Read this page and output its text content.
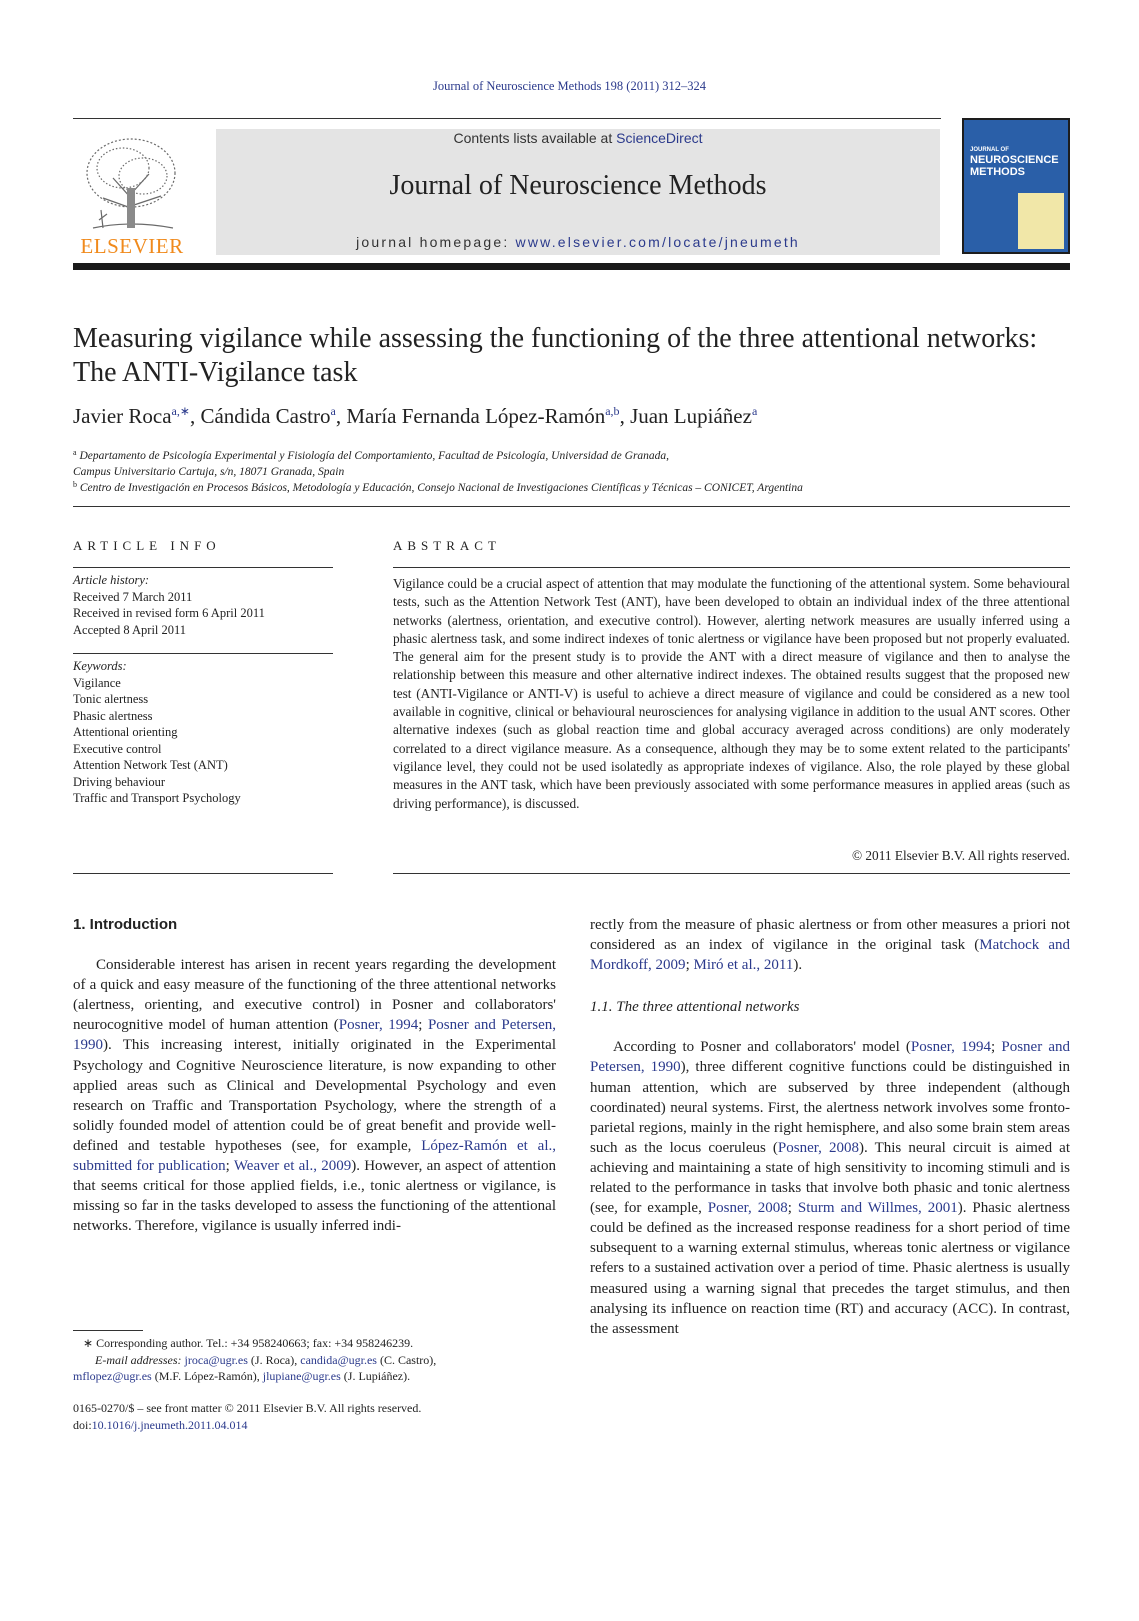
Journal of Neuroscience Methods 198 (2011) 312–324
ELSEVIER
Contents lists available at ScienceDirect
Journal of Neuroscience Methods
journal homepage: www.elsevier.com/locate/jneumeth
JOURNAL OF
NEUROSCIENCE
METHODS
Measuring vigilance while assessing the functioning of the three attentional networks: The ANTI-Vigilance task
Javier Roca$^{a,∗}$, Cándida Castro$^a$, María Fernanda López-Ramón$^{a,b}$, Juan Lupiáñez$^a$
$^a$ Departamento de Psicología Experimental y Fisiología del Comportamiento, Facultad de Psicología, Universidad de Granada,
Campus Universitario Cartuja, s/n, 18071 Granada, Spain
$^b$ Centro de Investigación en Procesos Básicos, Metodología y Educación, Consejo Nacional de Investigaciones Científicas y Técnicas – CONICET, Argentina
ARTICLE INFO
Article history:
Received 7 March 2011
Received in revised form 6 April 2011
Accepted 8 April 2011
Keywords:
Vigilance
Tonic alertness
Phasic alertness
Attentional orienting
Executive control
Attention Network Test (ANT)
Driving behaviour
Traffic and Transport Psychology
ABSTRACT
Vigilance could be a crucial aspect of attention that may modulate the functioning of the attentional system. Some behavioural tests, such as the Attention Network Test (ANT), have been developed to obtain an individual index of the three attentional networks (alertness, orientation, and executive control). However, alerting network measures are usually inferred using a phasic alertness task, and some indirect indexes of tonic alertness or vigilance have been proposed but not properly evaluated. The general aim for the present study is to provide the ANT with a direct measure of vigilance and then to analyse the relationship between this measure and other alternative indirect indexes. The obtained results suggest that the proposed new test (ANTI-Vigilance or ANTI-V) is useful to achieve a direct measure of vigilance and could be considered as a new tool available in cognitive, clinical or behavioural neurosciences for analysing vigilance in addition to the usual ANT scores. Other alternative indexes (such as global reaction time and global accuracy averaged across conditions) are only moderately correlated to a direct vigilance measure. As a consequence, although they may be to some extent related to the participants' vigilance level, they could not be used isolatedly as appropriate indexes of vigilance. Also, the role played by these global measures in the ANT task, which have been previously associated with some performance measures in applied areas (such as driving performance), is discussed.
© 2011 Elsevier B.V. All rights reserved.
1. Introduction

Considerable interest has arisen in recent years regarding the development of a quick and easy measure of the functioning of the three attentional networks (alertness, orienting, and executive control) in Posner and collaborators' neurocognitive model of human attention (Posner, 1994; Posner and Petersen, 1990). This increasing interest, initially originated in the Experimental Psychology and Cognitive Neuroscience literature, is now expanding to other applied areas such as Clinical and Developmental Psychology and even research on Traffic and Transportation Psychology, where the strength of a solidly founded model of attention could be of great benefit and provide well-defined and testable hypotheses (see, for example, López-Ramón et al., submitted for publication; Weaver et al., 2009). However, an aspect of attention that seems critical for those applied fields, i.e., tonic alertness or vigilance, is missing so far in the tasks developed to assess the functioning of the attentional networks. Therefore, vigilance is usually inferred indi-

rectly from the measure of phasic alertness or from other measures a priori not considered as an index of vigilance in the original task (Matchock and Mordkoff, 2009; Miró et al., 2011).

1.1. The three attentional networks

According to Posner and collaborators' model (Posner, 1994; Posner and Petersen, 1990), three different cognitive functions could be distinguished in human attention, which are subserved by three independent (although coordinated) neural systems. First, the alertness network involves some fronto-parietal regions, mainly in the right hemisphere, and also some brain stem areas such as the locus coeruleus (Posner, 2008). This neural circuit is aimed at achieving and maintaining a state of high sensitivity to incoming stimuli and is related to the performance in tasks that involve both phasic and tonic alertness (see, for example, Posner, 2008; Sturm and Willmes, 2001). Phasic alertness could be defined as the increased response readiness for a short period of time subsequent to a warning external stimulus, whereas tonic alertness or vigilance refers to a sustained activation over a period of time. Phasic alertness is usually measured using a warning signal that precedes the target stimulus, and then analysing its influence on reaction time (RT) and accuracy (ACC). In contrast, the assessment

∗ Corresponding author. Tel.: +34 958240663; fax: +34 958246239.
E-mail addresses: jroca@ugr.es (J. Roca), candida@ugr.es (C. Castro),
mflopez@ugr.es (M.F. López-Ramón), jlupiane@ugr.es (J. Lupiáñez).
0165-0270/$ – see front matter © 2011 Elsevier B.V. All rights reserved.
doi:10.1016/j.jneumeth.2011.04.014
